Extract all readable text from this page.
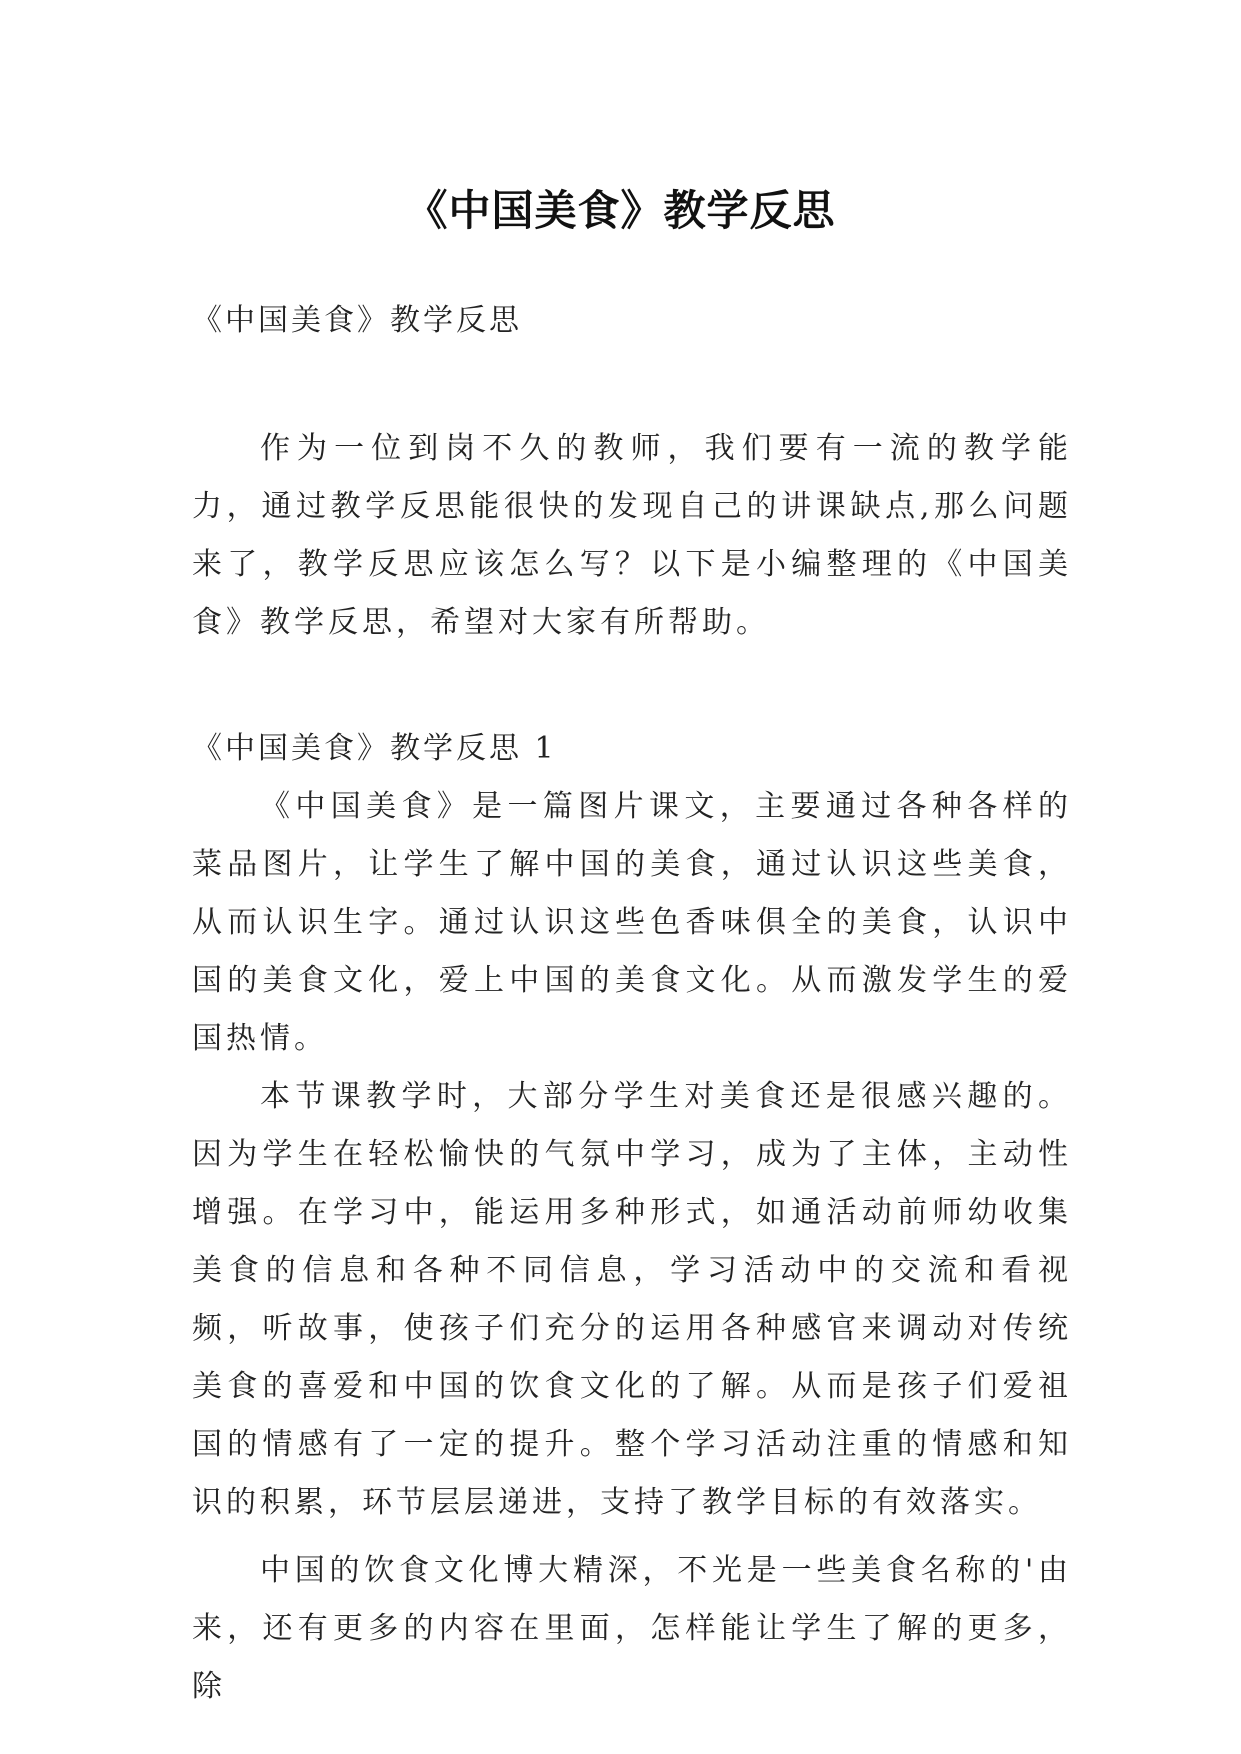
《中国美食》教学反思

《中国美食》教学反思

作为一位到岗不久的教师，我们要有一流的教学能力，通过教学反思能很快的发现自己的讲课缺点,那么问题来了，教学反思应该怎么写？以下是小编整理的《中国美食》教学反思，希望对大家有所帮助。

《中国美食》教学反思 1

《中国美食》是一篇图片课文，主要通过各种各样的菜品图片，让学生了解中国的美食，通过认识这些美食，从而认识生字。通过认识这些色香味俱全的美食，认识中国的美食文化，爱上中国的美食文化。从而激发学生的爱国热情。

本节课教学时，大部分学生对美食还是很感兴趣的。因为学生在轻松愉快的气氛中学习，成为了主体，主动性增强。在学习中，能运用多种形式，如通活动前师幼收集美食的信息和各种不同信息，学习活动中的交流和看视频，听故事，使孩子们充分的运用各种感官来调动对传统美食的喜爱和中国的饮食文化的了解。从而是孩子们爱祖国的情感有了一定的提升。整个学习活动注重的情感和知识的积累，环节层层递进，支持了教学目标的有效落实。

中国的饮食文化博大精深，不光是一些美食名称的'由来，还有更多的内容在里面，怎样能让学生了解的更多，除
